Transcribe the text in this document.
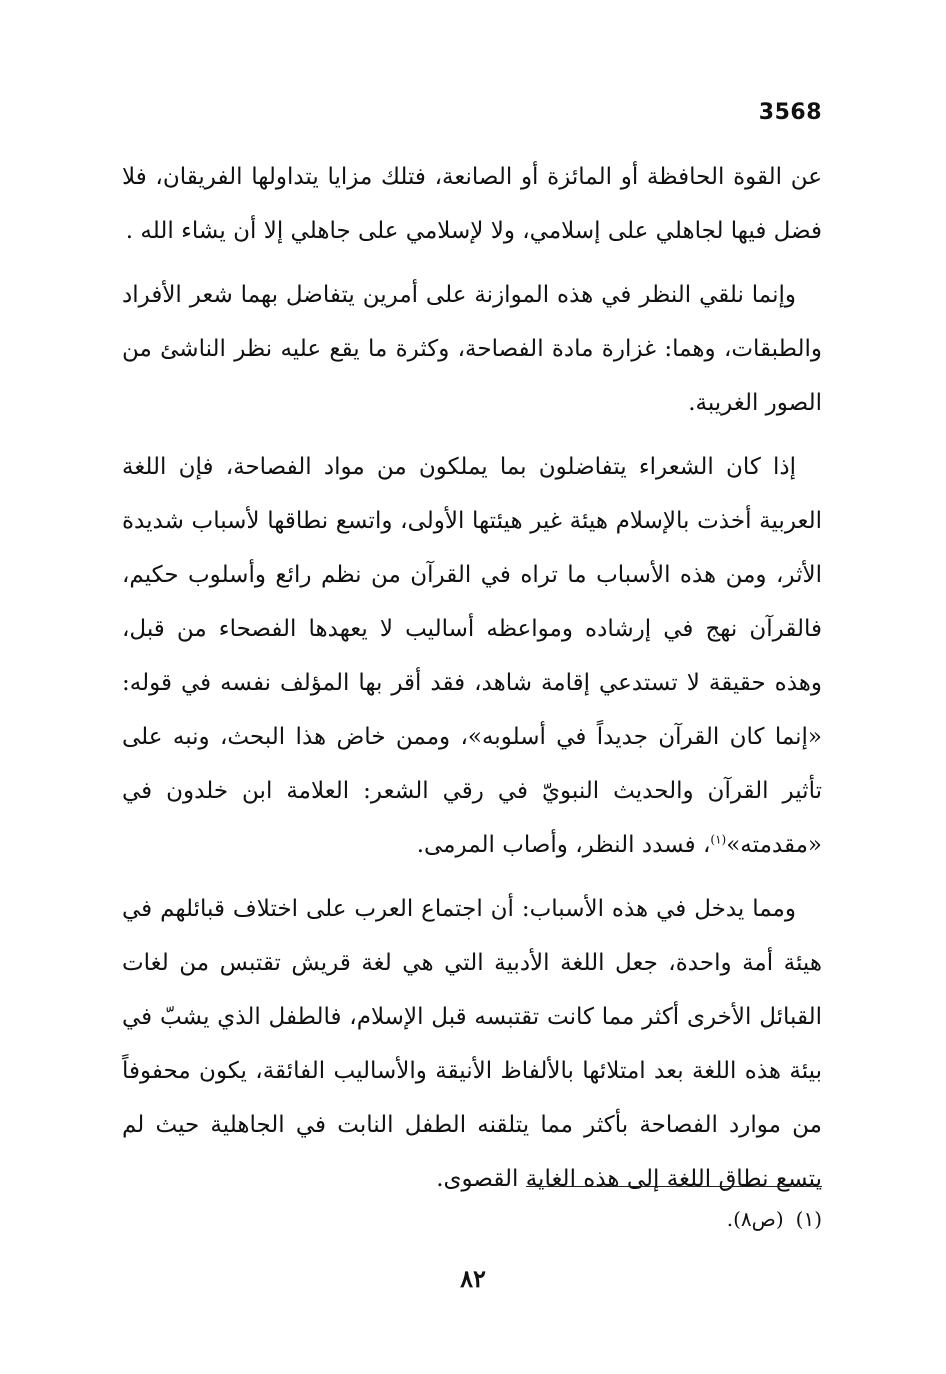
3568

عن القوة الحافظة أو المائزة أو الصانعة، فتلك مزايا يتداولها الفريقان، فلا فضل فيها لجاهلي على إسلامي، ولا لإسلامي على جاهلي إلا أن يشاء الله .

وإنما نلقي النظر في هذه الموازنة على أمرين يتفاضل بهما شعر الأفراد والطبقات، وهما: غزارة مادة الفصاحة، وكثرة ما يقع عليه نظر الناشئ من الصور الغريبة.

إذا كان الشعراء يتفاضلون بما يملكون من مواد الفصاحة، فإن اللغة العربية أخذت بالإسلام هيئة غير هيئتها الأولى، واتسع نطاقها لأسباب شديدة الأثر، ومن هذه الأسباب ما تراه في القرآن من نظم رائع وأسلوب حكيم، فالقرآن نهج في إرشاده ومواعظه أساليب لا يعهدها الفصحاء من قبل، وهذه حقيقة لا تستدعي إقامة شاهد، فقد أقر بها المؤلف نفسه في قوله: «إنما كان القرآن جديداً في أسلوبه»، وممن خاض هذا البحث، ونبه على تأثير القرآن والحديث النبويّ في رقي الشعر: العلامة ابن خلدون في «مقدمته»$^{(١)}$، فسدد النظر، وأصاب المرمى.

ومما يدخل في هذه الأسباب: أن اجتماع العرب على اختلاف قبائلهم في هيئة أمة واحدة، جعل اللغة الأدبية التي هي لغة قريش تقتبس من لغات القبائل الأخرى أكثر مما كانت تقتبسه قبل الإسلام، فالطفل الذي يشبّ في بيئة هذه اللغة بعد امتلائها بالألفاظ الأنيقة والأساليب الفائقة، يكون محفوفاً من موارد الفصاحة بأكثر مما يتلقنه الطفل النابت في الجاهلية حيث لم يتسع نطاق اللغة إلى هذه الغاية القصوى.

(١)(ص٨).
٨٢
